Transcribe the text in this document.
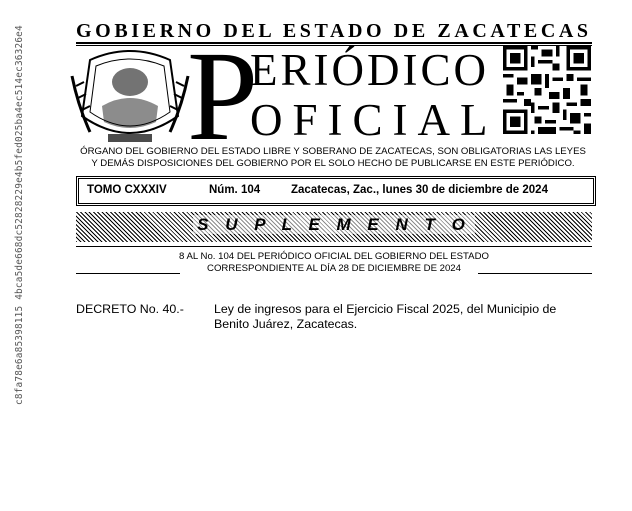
c8fa78e6a85398115 4bca5de668dc52828229e4b5fed025ba4ec514ec36326e4	GOBIERNO DEL ESTADO DE ZACATECAS
P
ERIÓDICO
OFICIAL
ÓRGANO DEL GOBIERNO DEL ESTADO LIBRE Y SOBERANO DE ZACATECAS, SON OBLIGATORIAS LAS LEYES
Y DEMÁS DISPOSICIONES DEL GOBIERNO POR EL SOLO HECHO DE PUBLICARSE EN ESTE PERIÓDICO.
TOMO CXXXIV	Núm. 104	Zacatecas, Zac., lunes 30 de diciembre de 2024
S U P L E M E N T O
8 AL No. 104 DEL PERIÓDICO OFICIAL DEL GOBIERNO DEL ESTADO
CORRESPONDIENTE AL DÍA 28 DE DICIEMBRE DE 2024
DECRETO No. 40.- Ley de ingresos para el Ejercicio Fiscal 2025, del Municipio de Benito Juárez, Zacatecas.
